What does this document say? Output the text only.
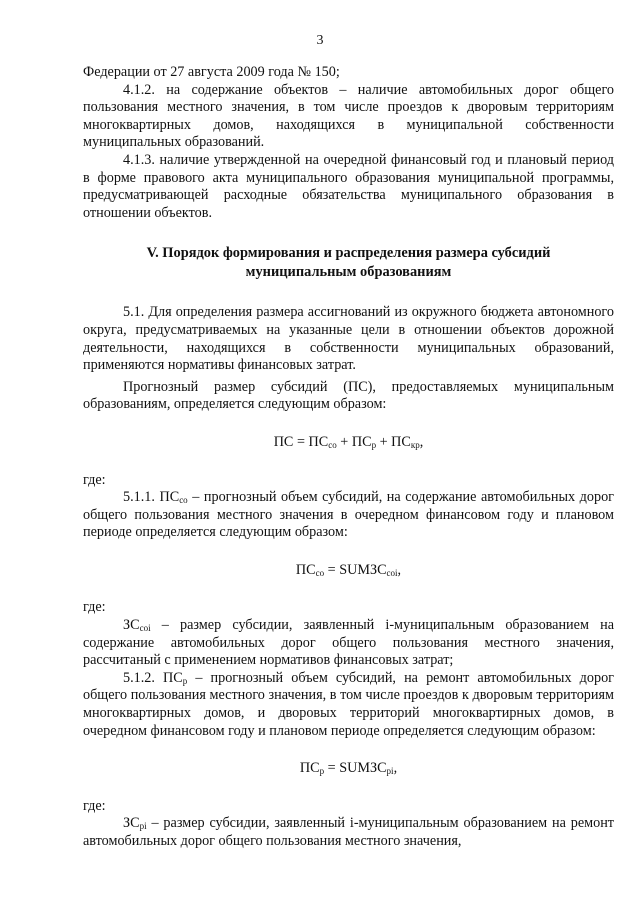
3

Федерации от 27 августа 2009 года № 150;

4.1.2. на содержание объектов – наличие автомобильных дорог общего пользования местного значения, в том числе проездов к дворовым территориям многоквартирных домов, находящихся в муниципальной собственности муниципальных образований.

4.1.3. наличие утвержденной на очередной финансовый год и плановый период в форме правового акта муниципального образования муниципальной программы, предусматривающей расходные обязательства муниципального образования в отношении объектов.

V. Порядок формирования и распределения размера субсидий
муниципальным образованиям

5.1. Для определения размера ассигнований из окружного бюджета автономного округа, предусматриваемых на указанные цели в отношении объектов дорожной деятельности, находящихся в собственности муниципальных образований, применяются нормативы финансовых затрат.

Прогнозный размер субсидий (ПС), предоставляемых муниципальным образованиям, определяется следующим образом:

ПС = $ПС_{со} + ПС_р + ПС_{кр}$,

где:

5.1.1. $ПС_{со}$ – прогнозный объем субсидий, на содержание автомобильных дорог общего пользования местного значения в очередном финансовом году и плановом периоде определяется следующим образом:

$ПС_{со}$ = $SUMЗС_{соi}$,

где:

$ЗС_{соi}$ – размер субсидии, заявленный i-муниципальным образованием на содержание автомобильных дорог общего пользования местного значения, рассчитаный с применением нормативов финансовых затрат;

5.1.2. $ПС_р$ – прогнозный объем субсидий, на ремонт автомобильных дорог общего пользования местного значения, в том числе проездов к дворовым территориям многоквартирных домов, и дворовых территорий многоквартирных домов, в очередном финансовом году и плановом периоде определяется следующим образом:

$ПС_р$ = $SUMЗС_{рi}$,

где:

$ЗС_{рi}$ – размер субсидии, заявленный i-муниципальным образованием на ремонт автомобильных дорог общего пользования местного значения,
